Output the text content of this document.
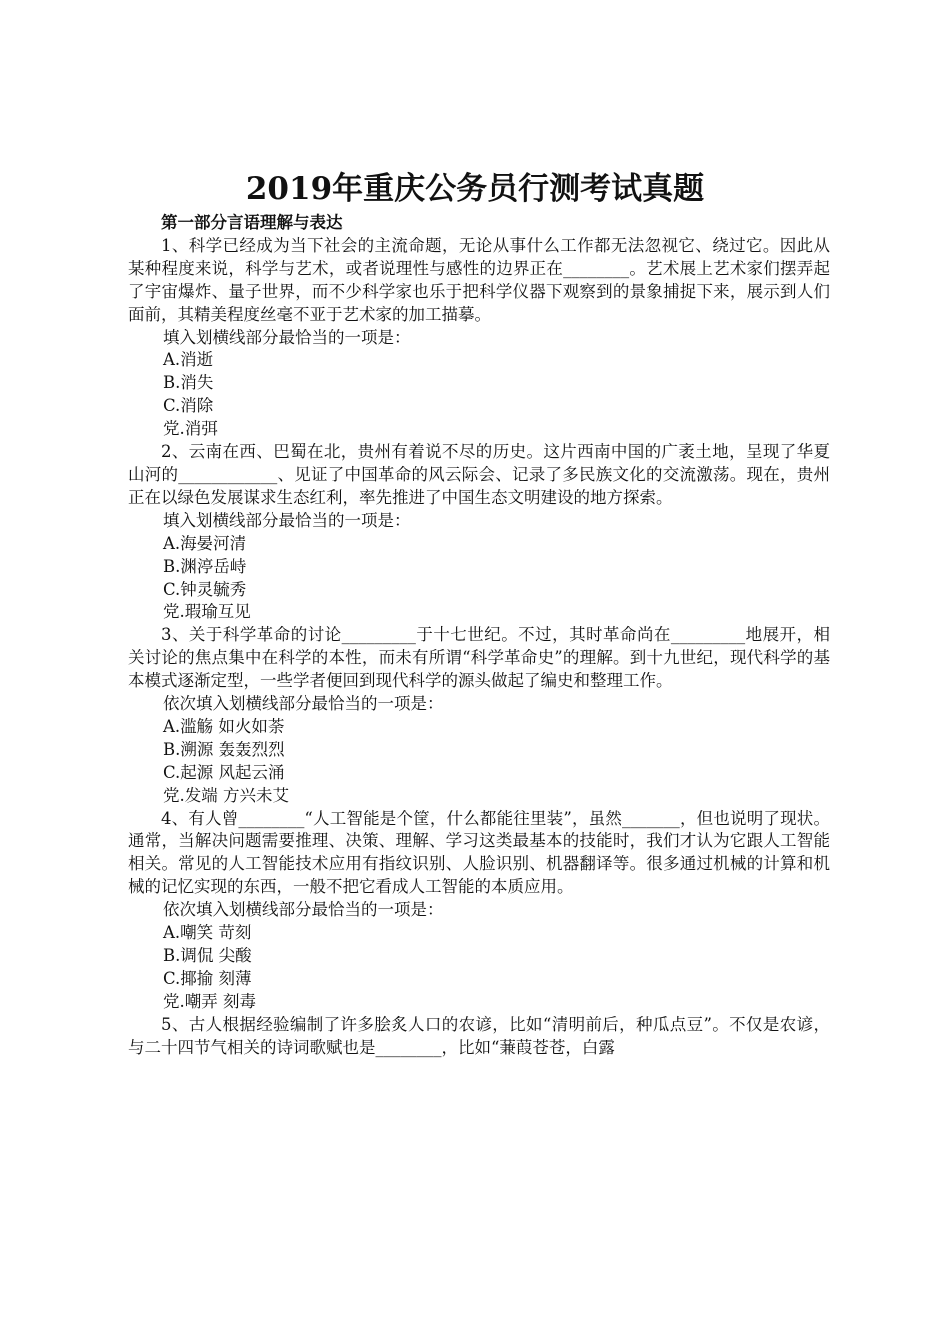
2019年重庆公务员行测考试真题

第一部分言语理解与表达

1、科学已经成为当下社会的主流命题，无论从事什么工作都无法忽视它、绕过它。因此从某种程度来说，科学与艺术，或者说理性与感性的边界正在________。艺术展上艺术家们摆弄起了宇宙爆炸、量子世界，而不少科学家也乐于把科学仪器下观察到的景象捕捉下来，展示到人们面前，其精美程度丝毫不亚于艺术家的加工描摹。

填入划横线部分最恰当的一项是：

A.消逝

B.消失

C.消除

党.消弭

2、云南在西、巴蜀在北，贵州有着说不尽的历史。这片西南中国的广袤土地，呈现了华夏山河的____________、见证了中国革命的风云际会、记录了多民族文化的交流激荡。现在，贵州正在以绿色发展谋求生态红利，率先推进了中国生态文明建设的地方探索。

填入划横线部分最恰当的一项是：

A.海晏河清

B.渊渟岳峙

C.钟灵毓秀

党.瑕瑜互见

3、关于科学革命的讨论_________于十七世纪。不过，其时革命尚在_________地展开，相关讨论的焦点集中在科学的本性，而未有所谓“科学革命史”的理解。到十九世纪，现代科学的基本模式逐渐定型，一些学者便回到现代科学的源头做起了编史和整理工作。

依次填入划横线部分最恰当的一项是：

A.滥觞 如火如荼

B.溯源 轰轰烈烈

C.起源 风起云涌

党.发端 方兴未艾

4、有人曾________“人工智能是个筐，什么都能往里装”，虽然_______，但也说明了现状。通常，当解决问题需要推理、决策、理解、学习这类最基本的技能时，我们才认为它跟人工智能相关。常见的人工智能技术应用有指纹识别、人脸识别、机器翻译等。很多通过机械的计算和机械的记忆实现的东西，一般不把它看成人工智能的本质应用。

依次填入划横线部分最恰当的一项是：

A.嘲笑 苛刻

B.调侃 尖酸

C.揶揄 刻薄

党.嘲弄 刻毒

5、古人根据经验编制了许多脍炙人口的农谚，比如“清明前后，种瓜点豆”。不仅是农谚，与二十四节气相关的诗词歌赋也是________，比如“蒹葭苍苍，白露
